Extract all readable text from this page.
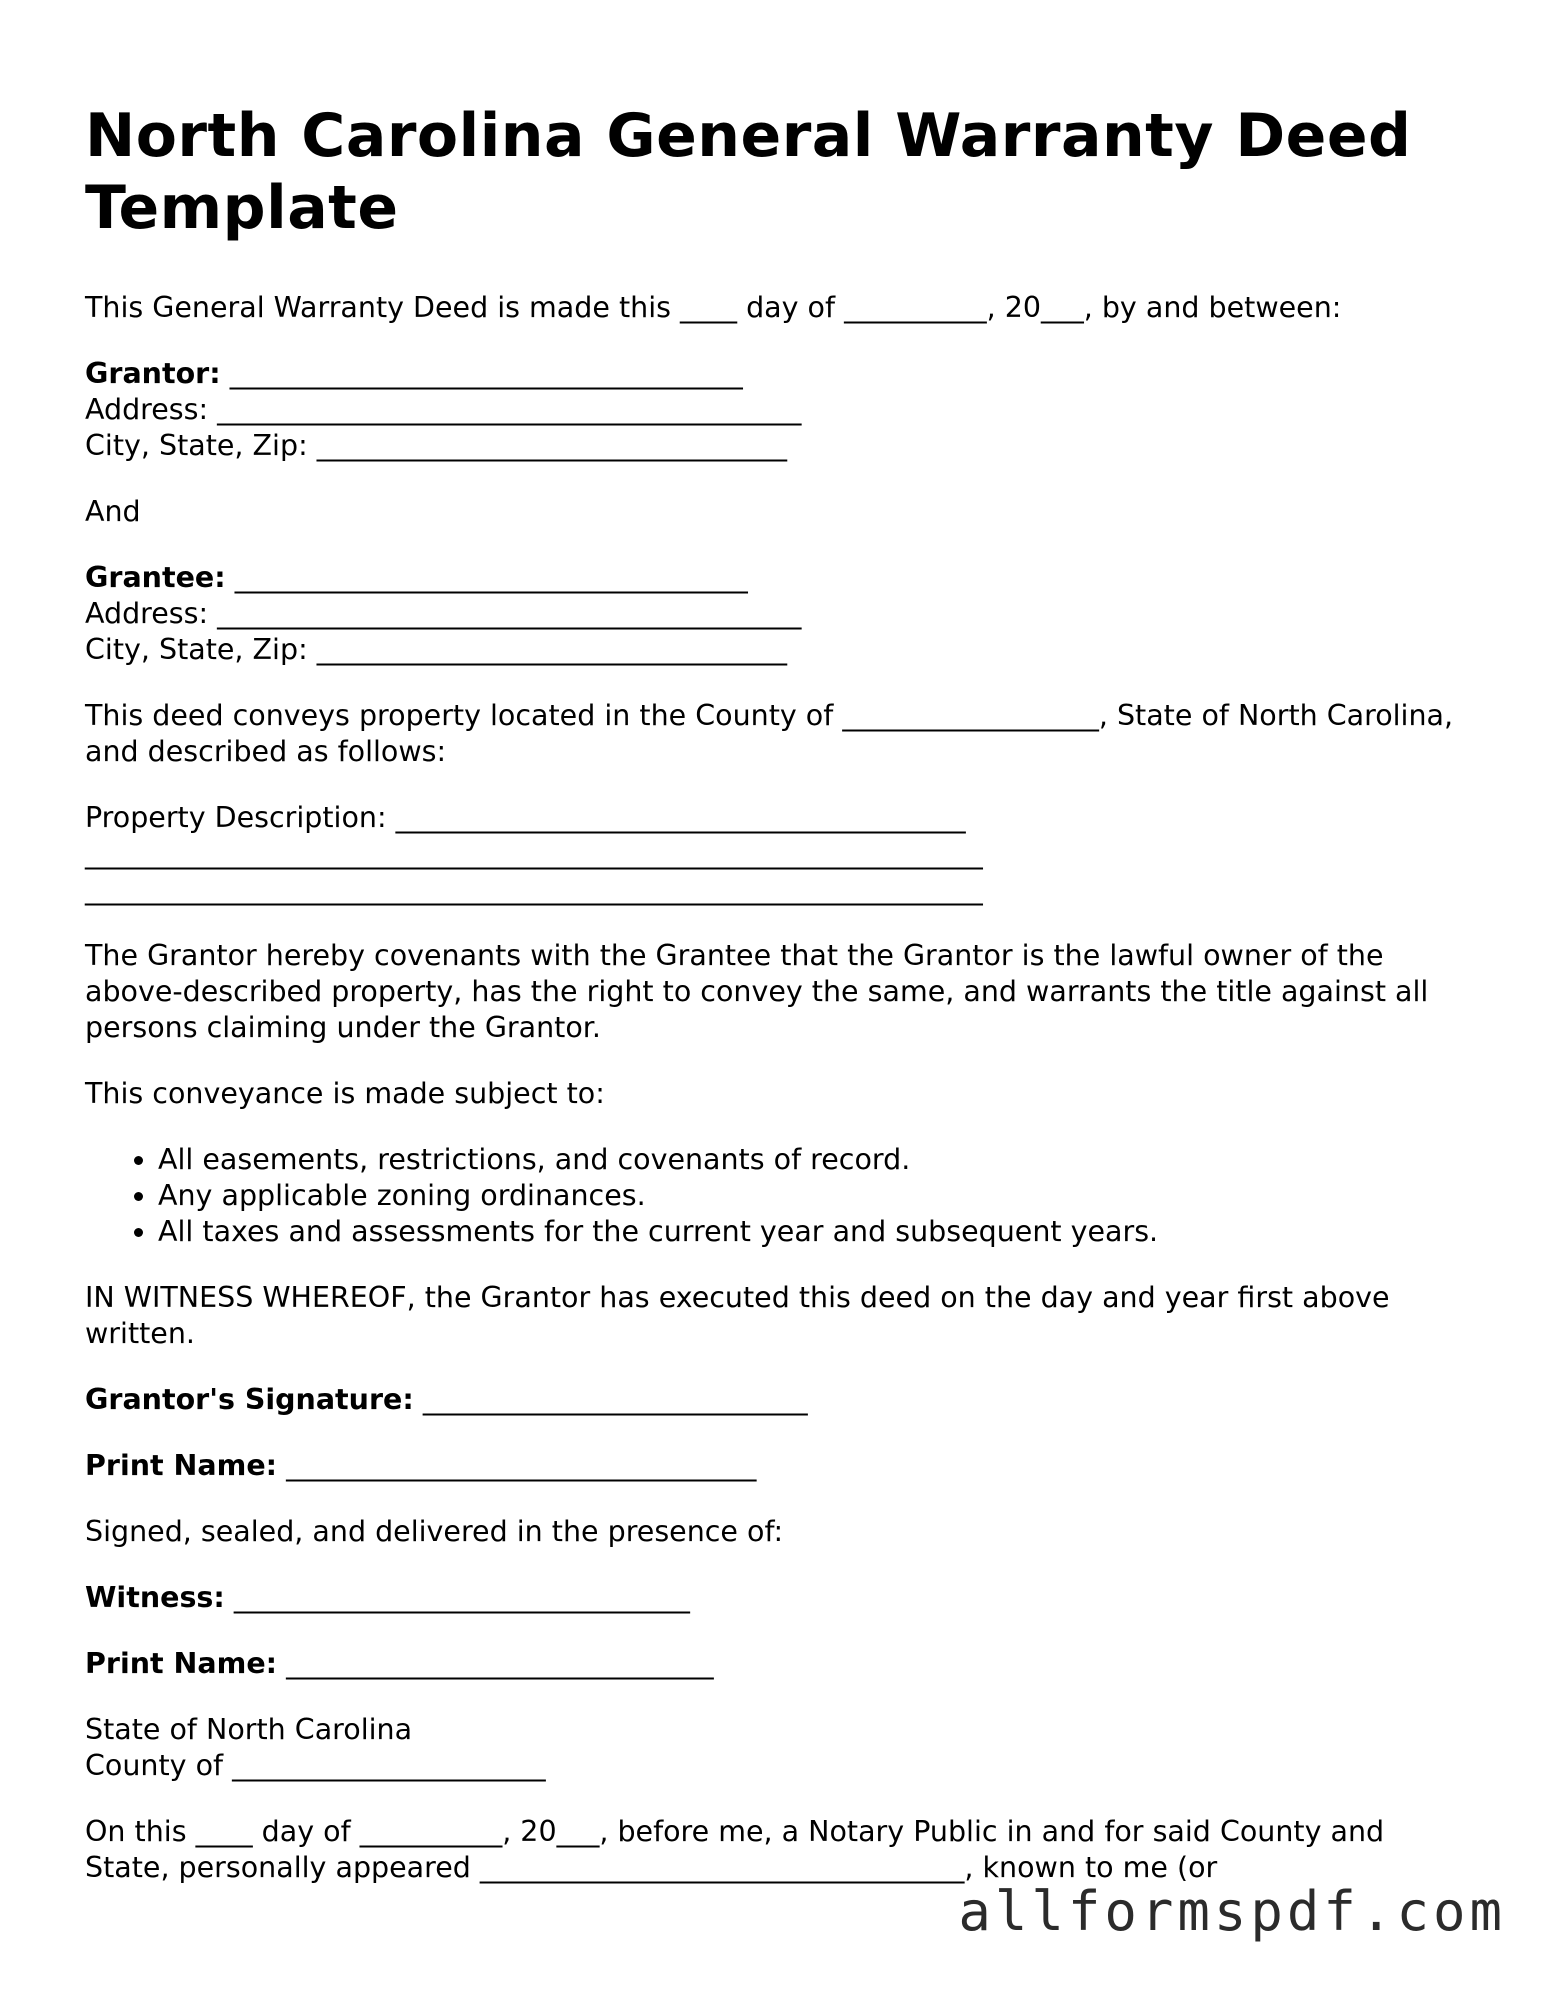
North Carolina General Warranty Deed Template

This General Warranty Deed is made this ____ day of __________, 20___, by and between:

Grantor: ____________________________________

Address: _________________________________________

City, State, Zip: _________________________________

And

Grantee: ____________________________________

Address: _________________________________________

City, State, Zip: _________________________________

This deed conveys property located in the County of __________________, State of North Carolina, and described as follows:

Property Description: ________________________________________

_______________________________________________________________

_______________________________________________________________

The Grantor hereby covenants with the Grantee that the Grantor is the lawful owner of the above-described property, has the right to convey the same, and warrants the title against all persons claiming under the Grantor.

This conveyance is made subject to:

• All easements, restrictions, and covenants of record.
• Any applicable zoning ordinances.
• All taxes and assessments for the current year and subsequent years.

IN WITNESS WHEREOF, the Grantor has executed this deed on the day and year first above written.

Grantor's Signature: ___________________________

Print Name: _________________________________

Signed, sealed, and delivered in the presence of:

Witness: ________________________________

Print Name: ______________________________

State of North Carolina

County of ______________________

On this ____ day of __________, 20___, before me, a Notary Public in and for said County and State, personally appeared __________________________________, known to me (or

allformspdf.com
